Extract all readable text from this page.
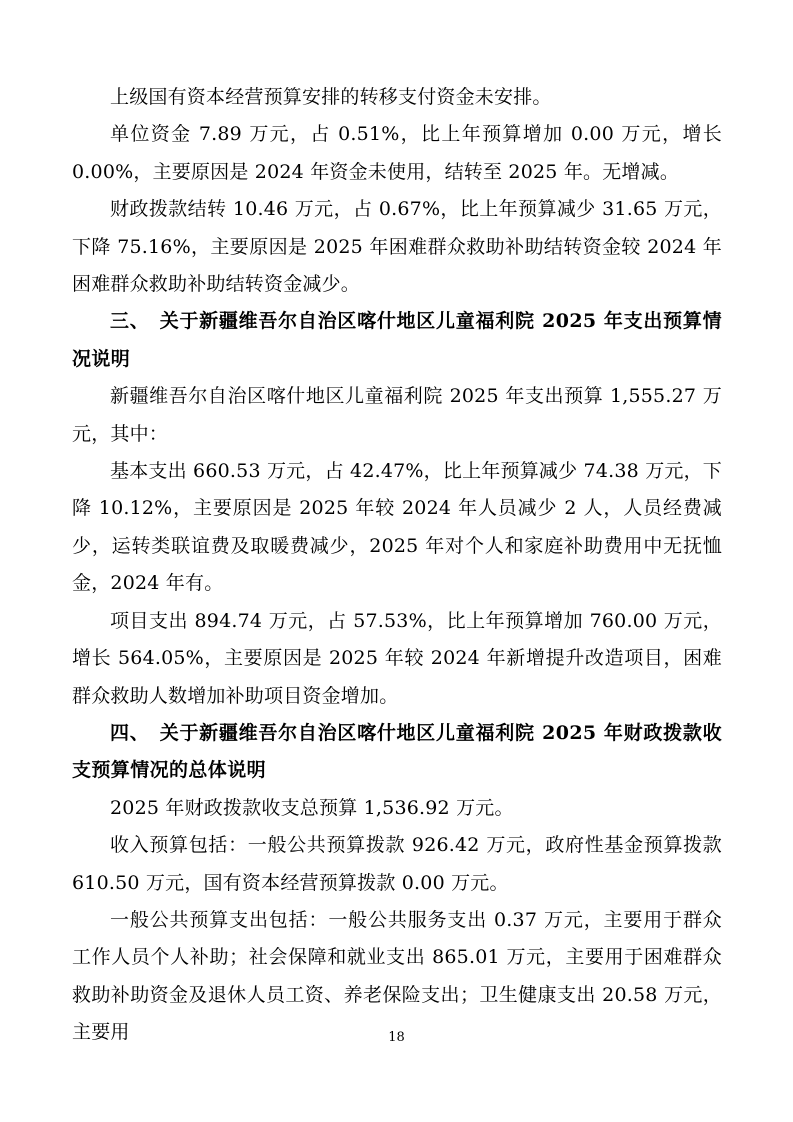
上级国有资本经营预算安排的转移支付资金未安排。

单位资金 7.89 万元，占 0.51%，比上年预算增加 0.00 万元，增长 0.00%，主要原因是 2024 年资金未使用，结转至 2025 年。无增减。

财政拨款结转 10.46 万元，占 0.67%，比上年预算减少 31.65 万元，下降 75.16%，主要原因是 2025 年困难群众救助补助结转资金较 2024 年困难群众救助补助结转资金减少。

三、　关于新疆维吾尔自治区喀什地区儿童福利院 2025 年支出预算情况说明

新疆维吾尔自治区喀什地区儿童福利院 2025 年支出预算 1,555.27 万元，其中：

基本支出 660.53 万元，占 42.47%，比上年预算减少 74.38 万元，下降 10.12%，主要原因是 2025 年较 2024 年人员减少 2 人，人员经费减少，运转类联谊费及取暖费减少，2025 年对个人和家庭补助费用中无抚恤金，2024 年有。

项目支出 894.74 万元，占 57.53%，比上年预算增加 760.00 万元，增长 564.05%，主要原因是 2025 年较 2024 年新增提升改造项目，困难群众救助人数增加补助项目资金增加。

四、　关于新疆维吾尔自治区喀什地区儿童福利院 2025 年财政拨款收支预算情况的总体说明

2025 年财政拨款收支总预算 1,536.92 万元。

收入预算包括：一般公共预算拨款 926.42 万元，政府性基金预算拨款 610.50 万元，国有资本经营预算拨款 0.00 万元。

一般公共预算支出包括：一般公共服务支出 0.37 万元，主要用于群众工作人员个人补助；社会保障和就业支出 865.01 万元，主要用于困难群众救助补助资金及退休人员工资、养老保险支出；卫生健康支出 20.58 万元，主要用	18
